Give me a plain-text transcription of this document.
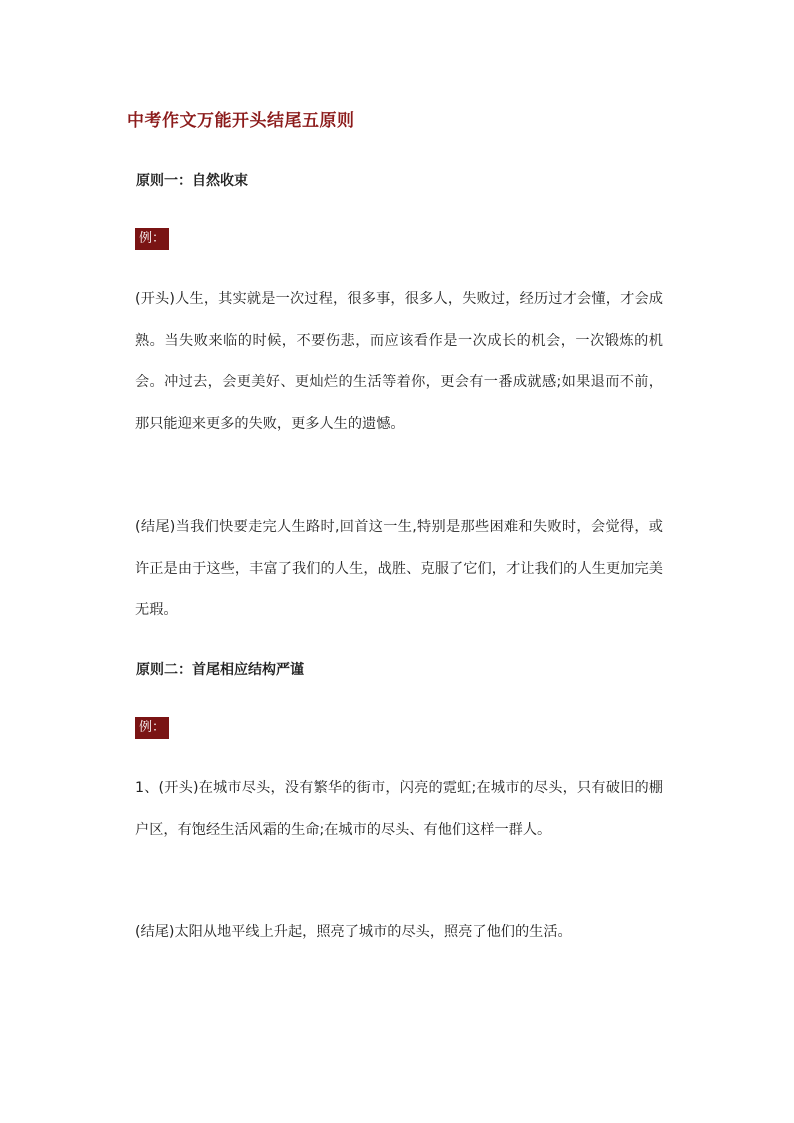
中考作文万能开头结尾五原则
原则一：自然收束
例：
(开头)人生，其实就是一次过程，很多事，很多人，失败过，经历过才会懂，才会成熟。当失败来临的时候，不要伤悲，而应该看作是一次成长的机会，一次锻炼的机会。冲过去，会更美好、更灿烂的生活等着你，更会有一番成就感;如果退而不前，那只能迎来更多的失败，更多人生的遗憾。
(结尾)当我们快要走完人生路时,回首这一生,特别是那些困难和失败时，会觉得，或许正是由于这些，丰富了我们的人生，战胜、克服了它们，才让我们的人生更加完美无瑕。
原则二：首尾相应结构严谨
例：
1、(开头)在城市尽头，没有繁华的街市，闪亮的霓虹;在城市的尽头，只有破旧的棚户区，有饱经生活风霜的生命;在城市的尽头、有他们这样一群人。
(结尾)太阳从地平线上升起，照亮了城市的尽头，照亮了他们的生活。
